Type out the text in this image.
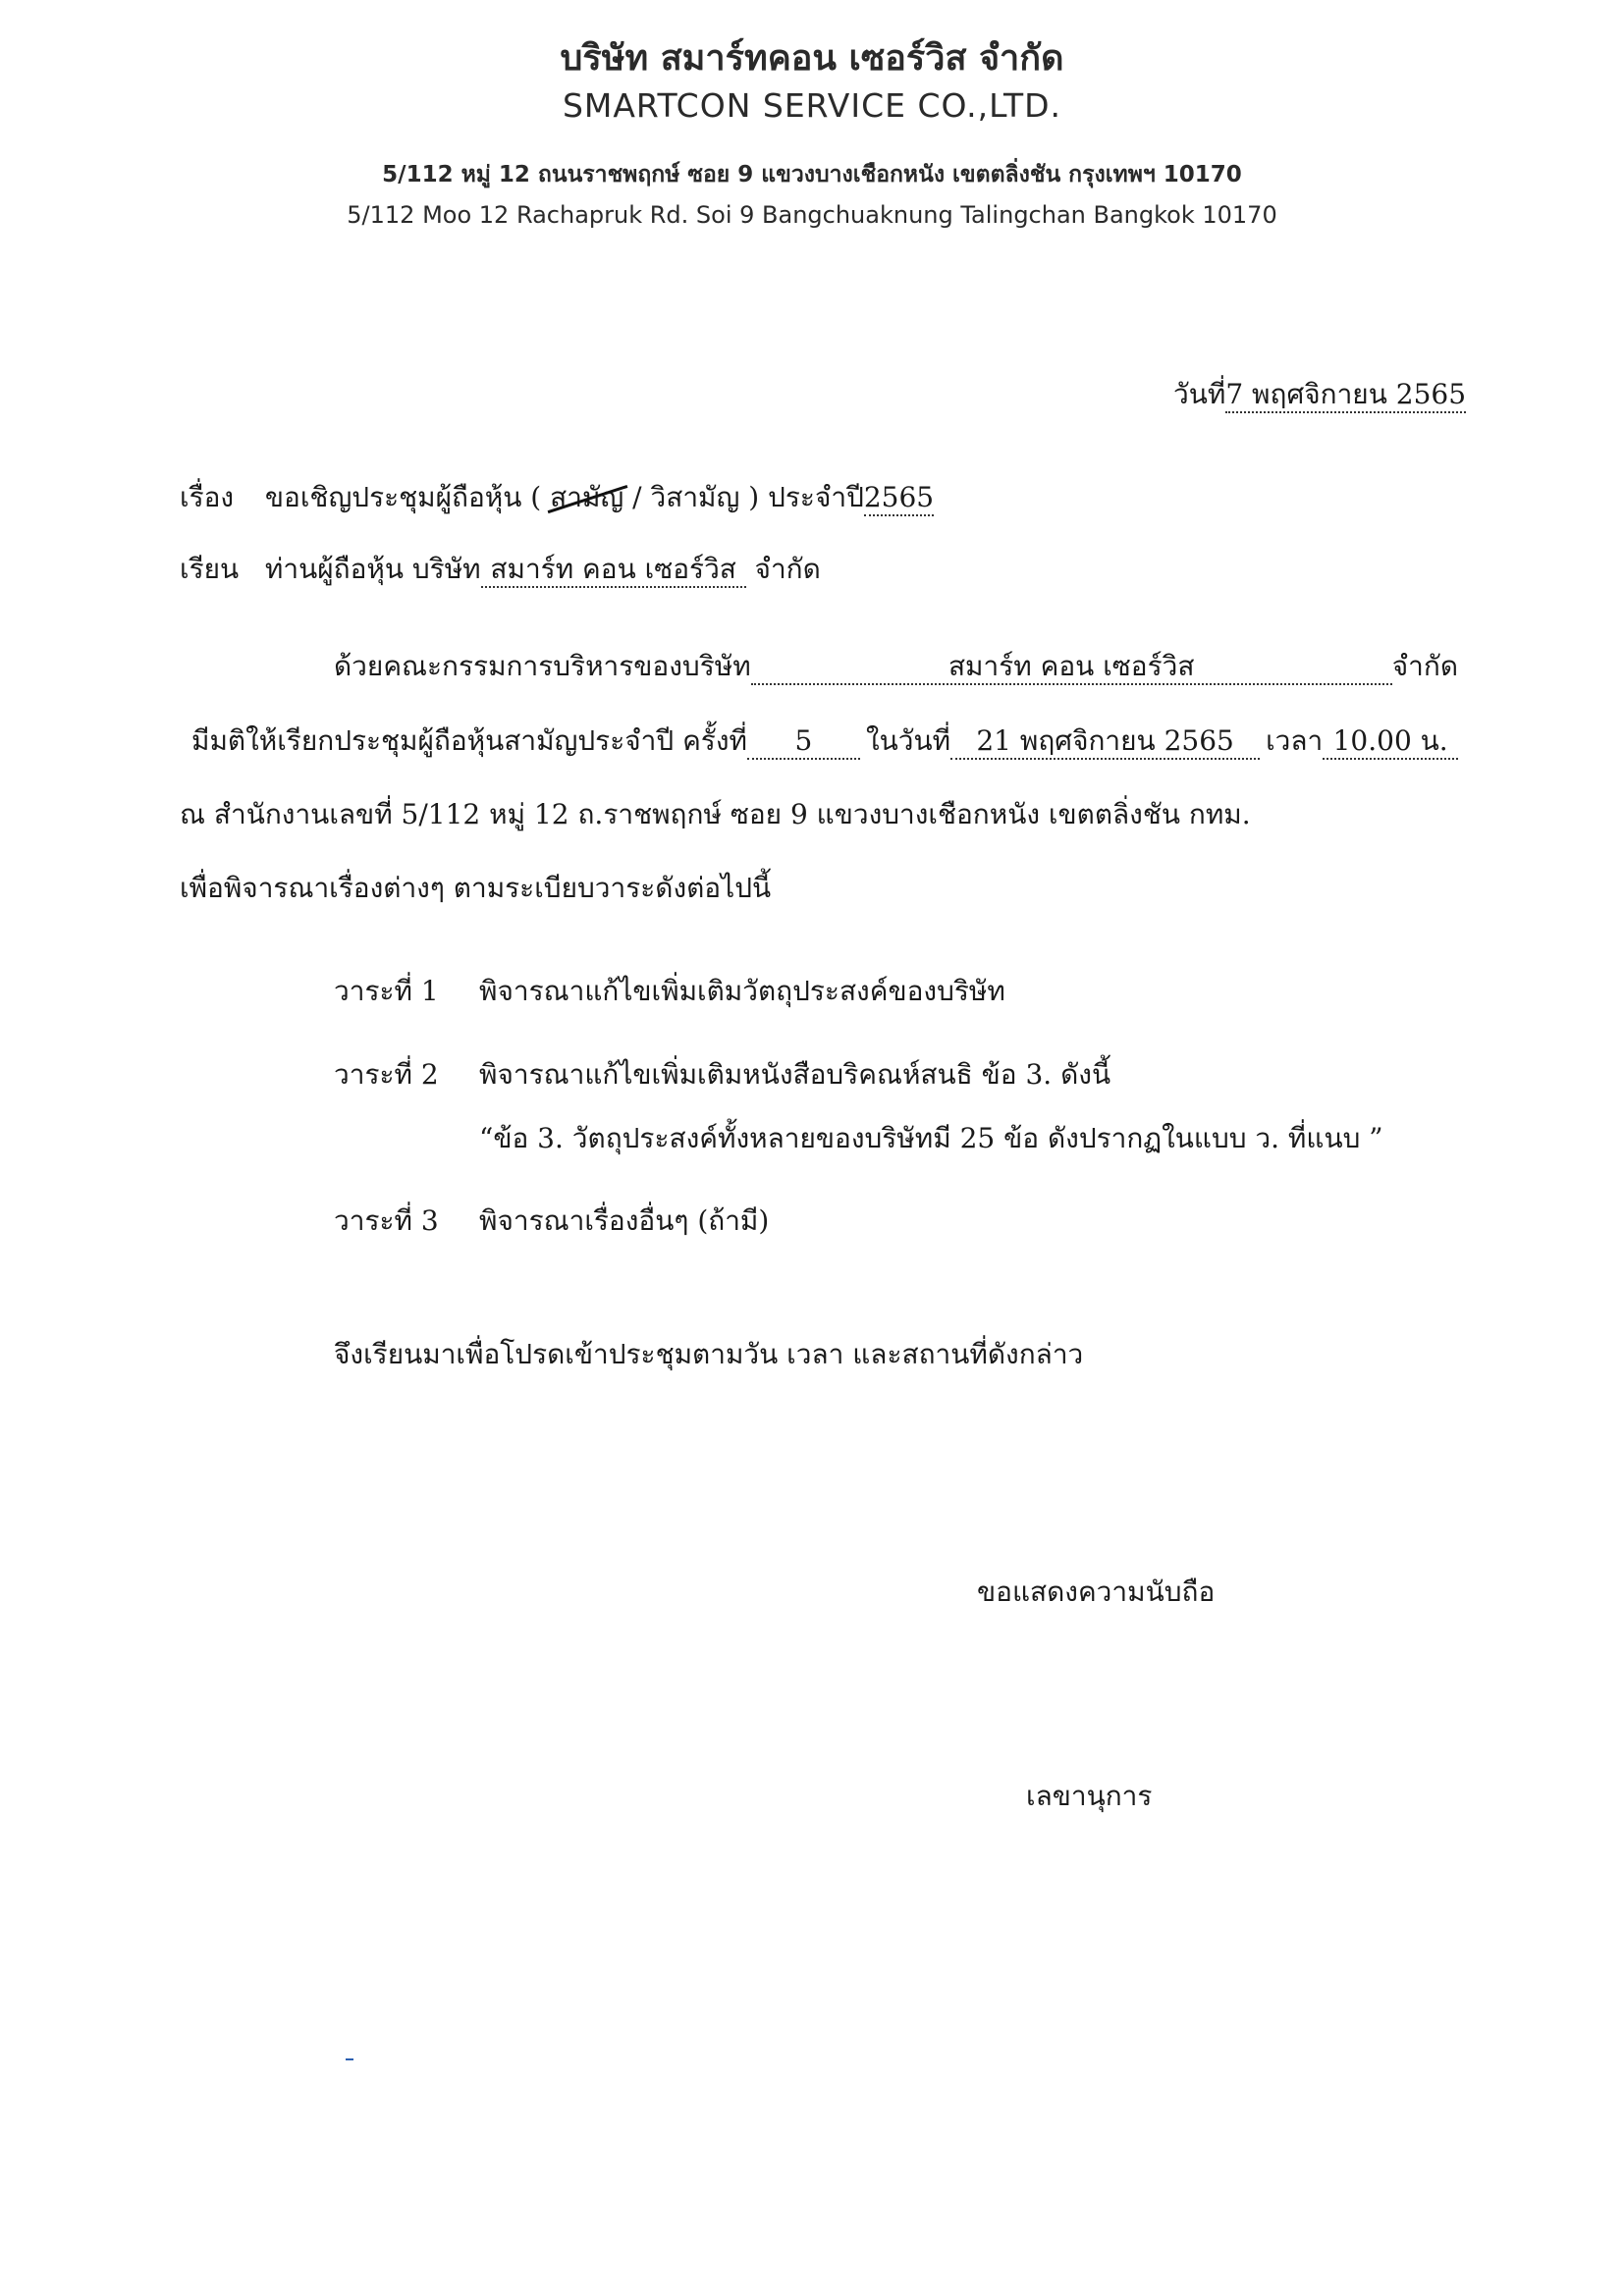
บริษัท สมาร์ทคอน เซอร์วิส จำกัด
SMARTCON SERVICE CO.,LTD.
5/112 หมู่ 12 ถนนราชพฤกษ์ ซอย 9 แขวงบางเชือกหนัง เขตตลิ่งชัน กรุงเทพฯ 10170
5/112 Moo 12 Rachapruk Rd. Soi 9 Bangchuaknung Talingchan Bangkok 10170
วันที่7 พฤศจิกายน 2565
เรื่อง ขอเชิญประชุมผู้ถือหุ้น ( สามัญ / วิสามัญ ) ประจำปี2565
เรียน ท่านผู้ถือหุ้น บริษัท สมาร์ท คอน เซอร์วิส จำกัด
ด้วยคณะกรรมการบริหารของบริษัท	สมาร์ท คอน เซอร์วิส	จำกัด
มีมติให้เรียกประชุมผู้ถือหุ้นสามัญประจำปี ครั้งที่	5	ในวันที่ 21 พฤศจิกายน 2565	เวลา 10.00 น.
ณ สำนักงานเลขที่ 5/112 หมู่ 12 ถ.ราชพฤกษ์ ซอย 9 แขวงบางเชือกหนัง เขตตลิ่งชัน กทม.
เพื่อพิจารณาเรื่องต่างๆ ตามระเบียบวาระดังต่อไปนี้
วาระที่ 1 พิจารณาแก้ไขเพิ่มเติมวัตถุประสงค์ของบริษัท
วาระที่ 2 พิจารณาแก้ไขเพิ่มเติมหนังสือบริคณห์สนธิ ข้อ 3. ดังนี้
“ข้อ 3. วัตถุประสงค์ทั้งหลายของบริษัทมี 25 ข้อ ดังปรากฏในแบบ ว. ที่แนบ ”
วาระที่ 3 พิจารณาเรื่องอื่นๆ (ถ้ามี)
จึงเรียนมาเพื่อโปรดเข้าประชุมตามวัน เวลา และสถานที่ดังกล่าว
ขอแสดงความนับถือ
เลขานุการ
